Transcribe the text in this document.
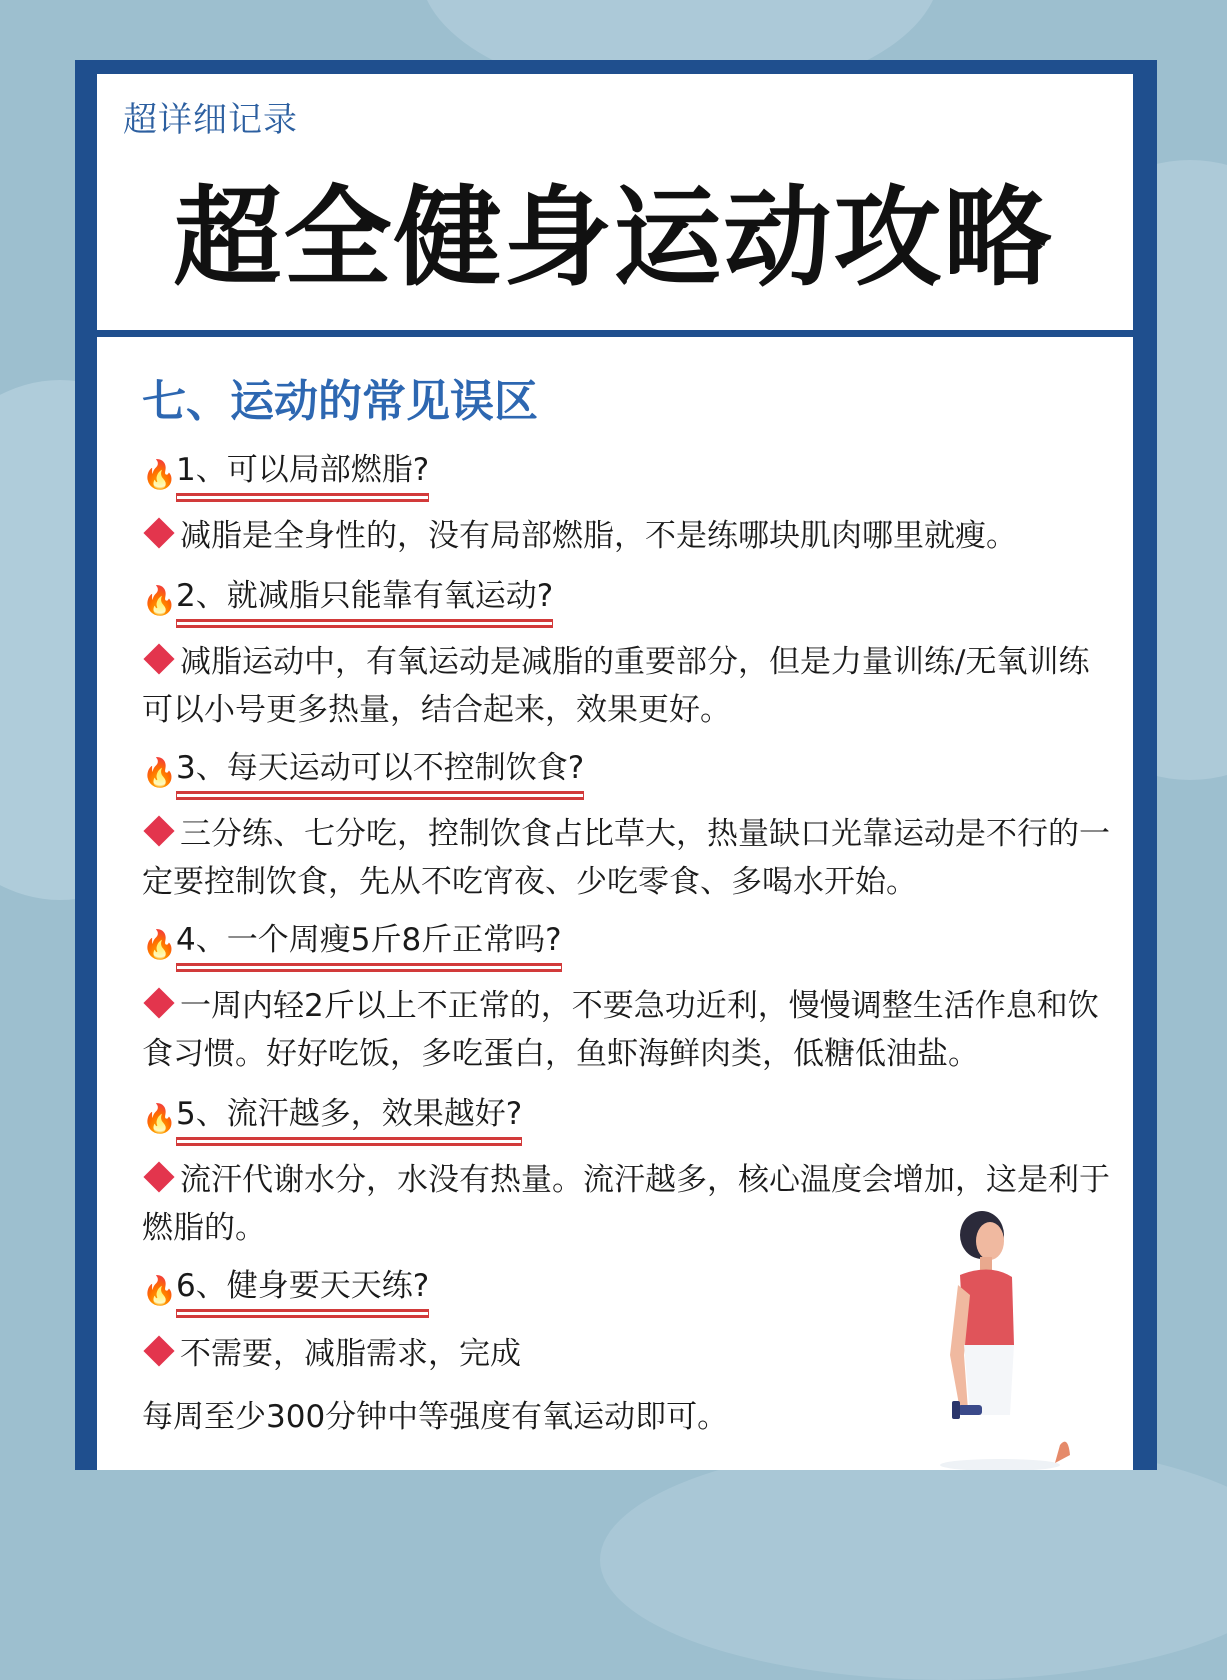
超详细记录
超全健身运动攻略
七、运动的常见误区
🔥 1、可以局部燃脂?
减脂是全身性的，没有局部燃脂，不是练哪块肌肉哪里就瘦。
🔥 2、就减脂只能靠有氧运动?
减脂运动中，有氧运动是减脂的重要部分，但是力量训练/无氧训练可以小号更多热量，结合起来，效果更好。
🔥 3、每天运动可以不控制饮食?
三分练、七分吃，控制饮食占比草大，热量缺口光靠运动是不行的一定要控制饮食，先从不吃宵夜、少吃零食、多喝水开始。
🔥 4、一个周瘦5斤8斤正常吗?
一周内轻2斤以上不正常的，不要急功近利，慢慢调整生活作息和饮食习惯。好好吃饭，多吃蛋白，鱼虾海鲜肉类，低糖低油盐。
🔥 5、流汗越多，效果越好?
流汗代谢水分，水没有热量。流汗越多，核心温度会增加，这是利于燃脂的。
🔥 6、健身要天天练?
不需要，减脂需求，完成
每周至少300分钟中等强度有氧运动即可。
